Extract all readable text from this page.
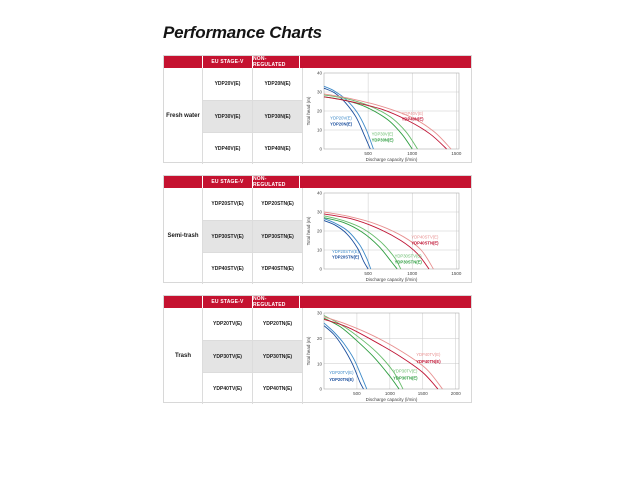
Performance Charts
EU STAGE-V	NON-REGULATED
Fresh water
YDP20V(E)	YDP20N(E)
YDP30V(E)	YDP30N(E)
YDP40V(E)	YDP40N(E)
500	1000	1500
0
10
20
30
40
Discharge capacity (l/min)
Total head (m)	YDP20V(E)
YDP20N(E)
YDP30V(E)
YDP30N(E)
YDP40V(E)
YDP40N(E)
EU STAGE-V	NON-REGULATED
Semi-trash
YDP20STV(E)	YDP20STN(E)
YDP30STV(E)	YDP30STN(E)
YDP40STV(E)	YDP40STN(E)
500	1000	1500
0
10
20
30
40
Discharge capacity (l/min)
Total head (m)
YDP20STV(E)
YDP20STN(E)	YDP30STV(E)
YDP30STN(E)
YDP40STV(E)
YDP40STN(E)
EU STAGE-V	NON-REGULATED
Trash
YDP20TV(E)	YDP20TN(E)
YDP30TV(E)	YDP30TN(E)
YDP40TV(E)	YDP40TN(E)
500	1000	1500	2000
0
10
20
30
Discharge capacity (l/min)
Total head (m)
YDP20TV(E)
YDP20TN(E)
YDP30TV(E)
YDP30TN(E)
YDP40TV(E)
YDP40TN(E)
